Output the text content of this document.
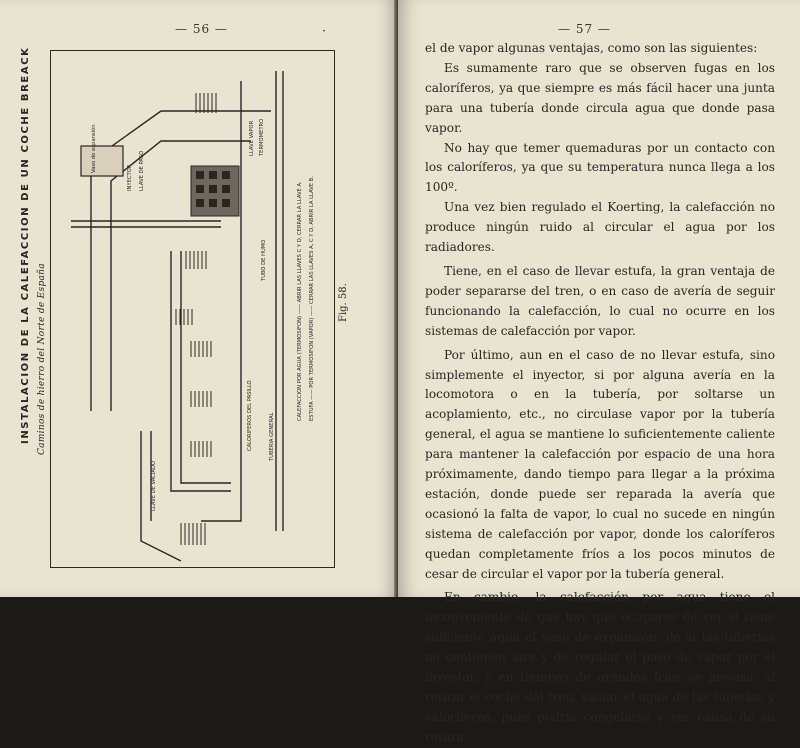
— 56 —	·
Vaso de expansión
INYECTOR LLAVE DE PASO
LLAVE VAPOR TERMOMETRO
TUBO DE HUMO
CALORIFEROS DEL PASILLO	TUBERIA GENERAL
LLAVE DE VACIADO
CALEFACCION POR AGUA (TERMOSIFON) —— ABRIR LAS LLAVES C Y D, CERRAR LA LLAVE A. ESTUFA —— POR TERMOSIFON (VAPOR) —— CERRAR LAS LLAVES A, C Y D, ABRIR LA LLAVE B.
Caminos de hierro del Norte de España
INSTALACION DE LA CALEFACCION DE UN COCHE BREACK	Fig. 58.
— 57 —

el de vapor algunas ventajas, como son las siguientes:

Es sumamente raro que se observen fugas en los caloríferos, ya que siempre es más fácil hacer una junta para una tubería donde circula agua que donde pasa vapor.

No hay que temer quemaduras por un contacto con los caloríferos, ya que su temperatura nunca llega a los 100º.

Una vez bien regulado el Koerting, la calefacción no produce ningún ruido al circular el agua por los radiadores.

Tiene, en el caso de llevar estufa, la gran ventaja de poder separarse del tren, o en caso de avería de seguir funcionando la calefacción, lo cual no ocurre en los sistemas de calefacción por vapor.

Por último, aun en el caso de no llevar estufa, sino simplemente el inyector, si por alguna avería en la locomotora o en la tubería, por soltarse un acoplamiento, etc., no circulase vapor por la tubería general, el agua se mantiene lo suficientemente caliente para mantener la calefacción por espacio de una hora próximamente, dando tiempo para llegar a la próxima estación, donde puede ser reparada la avería que ocasionó la falta de vapor, lo cual no sucede en ningún sistema de calefacción por vapor, donde los caloríferos quedan completamente fríos a los pocos minutos de cesar de circular el vapor por la tubería general.

En cambio, la calefacción por agua tiene el inconveniente de que hay que ocuparse de ver si tiene suficiente agua el vaso de expansión, de si las tuberías no contienen aire y de regular el paso de vapor por el inyector, y en tiempos de grandes fríos se precisa, al retirar el coche del tren, vaciar el agua de las tuberías y caloríferos, pues podría congelarse y ser causa de su rotura.
